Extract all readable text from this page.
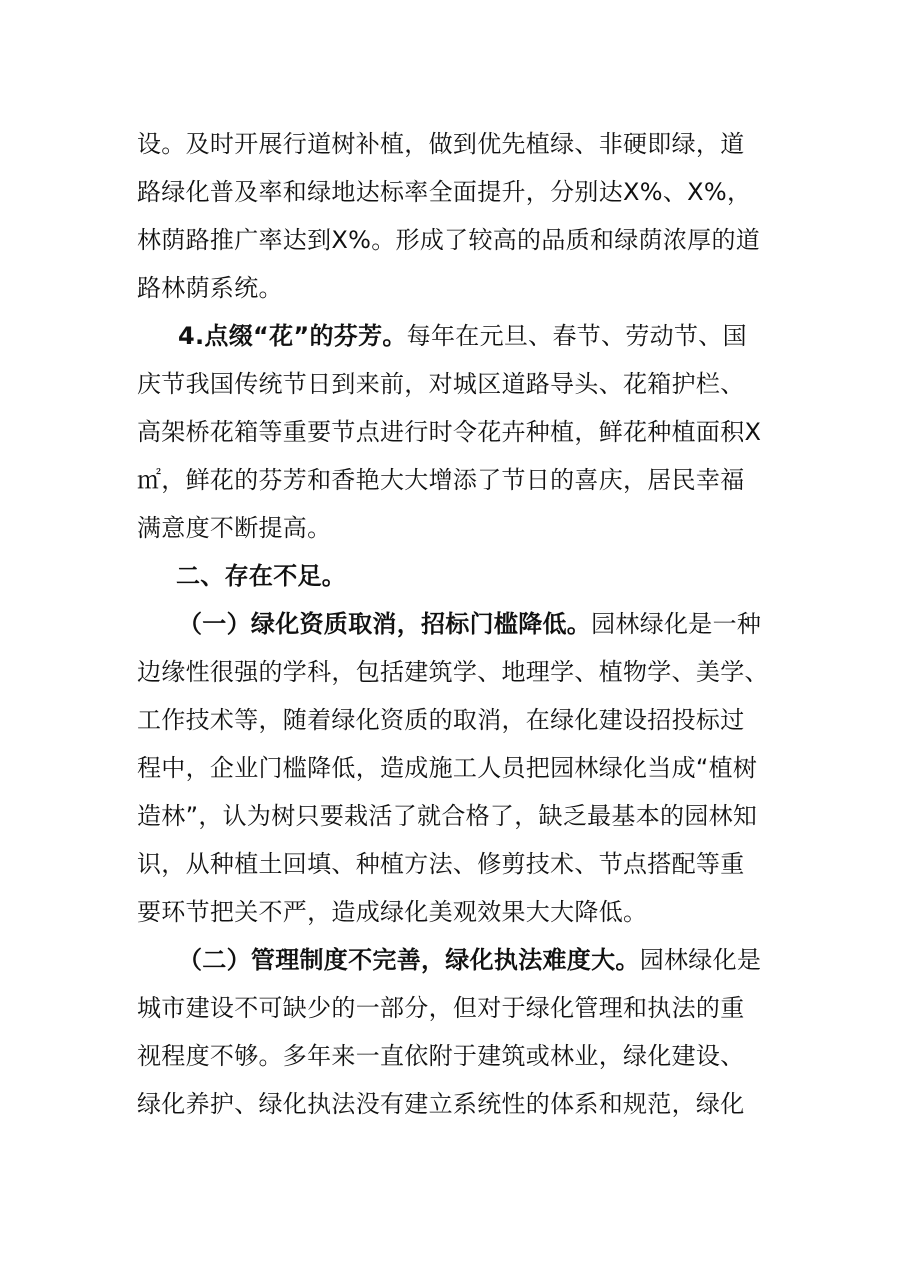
设。及时开展行道树补植，做到优先植绿、非硬即绿，道
路绿化普及率和绿地达标率全面提升，分别达X%、X%，
林荫路推广率达到X%。形成了较高的品质和绿荫浓厚的道
路林荫系统。
4.点缀“花”的芬芳。每年在元旦、春节、劳动节、国
庆节我国传统节日到来前，对城区道路导头、花箱护栏、
高架桥花箱等重要节点进行时令花卉种植，鲜花种植面积X
㎡，鲜花的芬芳和香艳大大增添了节日的喜庆，居民幸福
满意度不断提高。
二、存在不足。
（一）绿化资质取消，招标门槛降低。园林绿化是一种
边缘性很强的学科，包括建筑学、地理学、植物学、美学、
工作技术等，随着绿化资质的取消，在绿化建设招投标过
程中，企业门槛降低，造成施工人员把园林绿化当成“植树
造林”，认为树只要栽活了就合格了，缺乏最基本的园林知
识，从种植土回填、种植方法、修剪技术、节点搭配等重
要环节把关不严，造成绿化美观效果大大降低。
（二）管理制度不完善，绿化执法难度大。园林绿化是
城市建设不可缺少的一部分，但对于绿化管理和执法的重
视程度不够。多年来一直依附于建筑或林业，绿化建设、
绿化养护、绿化执法没有建立系统性的体系和规范，绿化
